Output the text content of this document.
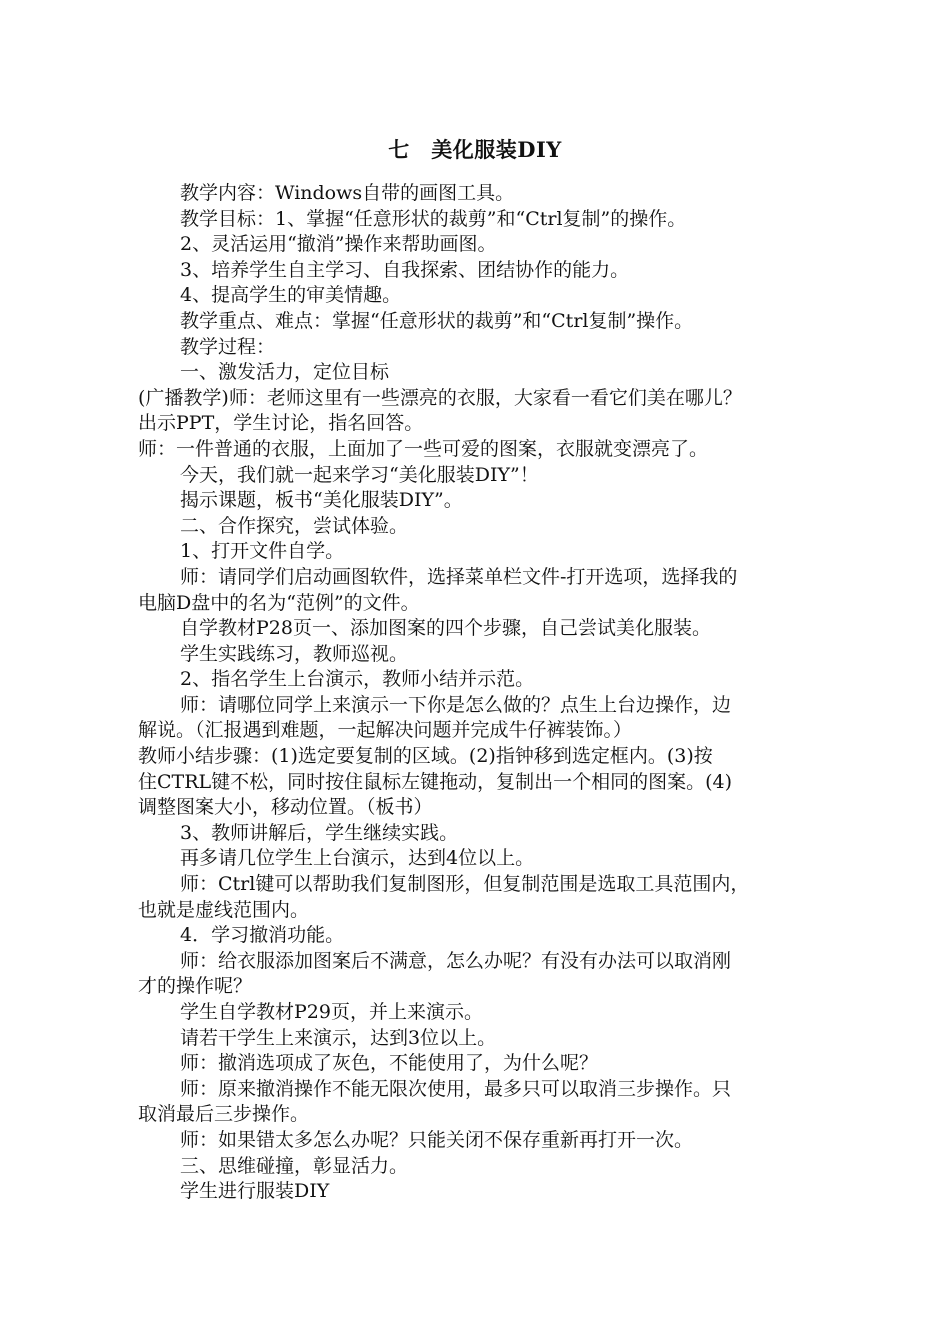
七　美化服装DIY

教学内容：Windows自带的画图工具。

教学目标：1、掌握“任意形状的裁剪”和“Ctrl复制”的操作。

2、灵活运用“撤消”操作来帮助画图。

3、培养学生自主学习、自我探索、团结协作的能力。

4、提高学生的审美情趣。

教学重点、难点：掌握“任意形状的裁剪”和“Ctrl复制”操作。

教学过程：

一、激发活力，定位目标

(广播教学)师：老师这里有一些漂亮的衣服，大家看一看它们美在哪儿？

出示PPT，学生讨论，指名回答。

师：一件普通的衣服，上面加了一些可爱的图案，衣服就变漂亮了。

今天，我们就一起来学习“美化服装DIY”！

揭示课题，板书“美化服装DIY”。

二、合作探究，尝试体验。

1、打开文件自学。

师：请同学们启动画图软件，选择菜单栏文件-打开选项，选择我的

电脑D盘中的名为“范例”的文件。

自学教材P28页一、添加图案的四个步骤，自己尝试美化服装。

学生实践练习，教师巡视。

2、指名学生上台演示，教师小结并示范。

师：请哪位同学上来演示一下你是怎么做的？点生上台边操作，边

解说。（汇报遇到难题，一起解决问题并完成牛仔裤装饰。）

教师小结步骤：(1)选定要复制的区域。(2)指钟移到选定框内。(3)按

住CTRL键不松，同时按住鼠标左键拖动，复制出一个相同的图案。(4)

调整图案大小，移动位置。（板书）

3、教师讲解后，学生继续实践。

再多请几位学生上台演示，达到4位以上。

师：Ctrl键可以帮助我们复制图形，但复制范围是选取工具范围内，

也就是虚线范围内。

4．学习撤消功能。

师：给衣服添加图案后不满意，怎么办呢？有没有办法可以取消刚

才的操作呢？

学生自学教材P29页，并上来演示。

请若干学生上来演示，达到3位以上。

师：撤消选项成了灰色，不能使用了，为什么呢？

师：原来撤消操作不能无限次使用，最多只可以取消三步操作。只

取消最后三步操作。

师：如果错太多怎么办呢？只能关闭不保存重新再打开一次。

三、思维碰撞，彰显活力。

学生进行服装DIY
